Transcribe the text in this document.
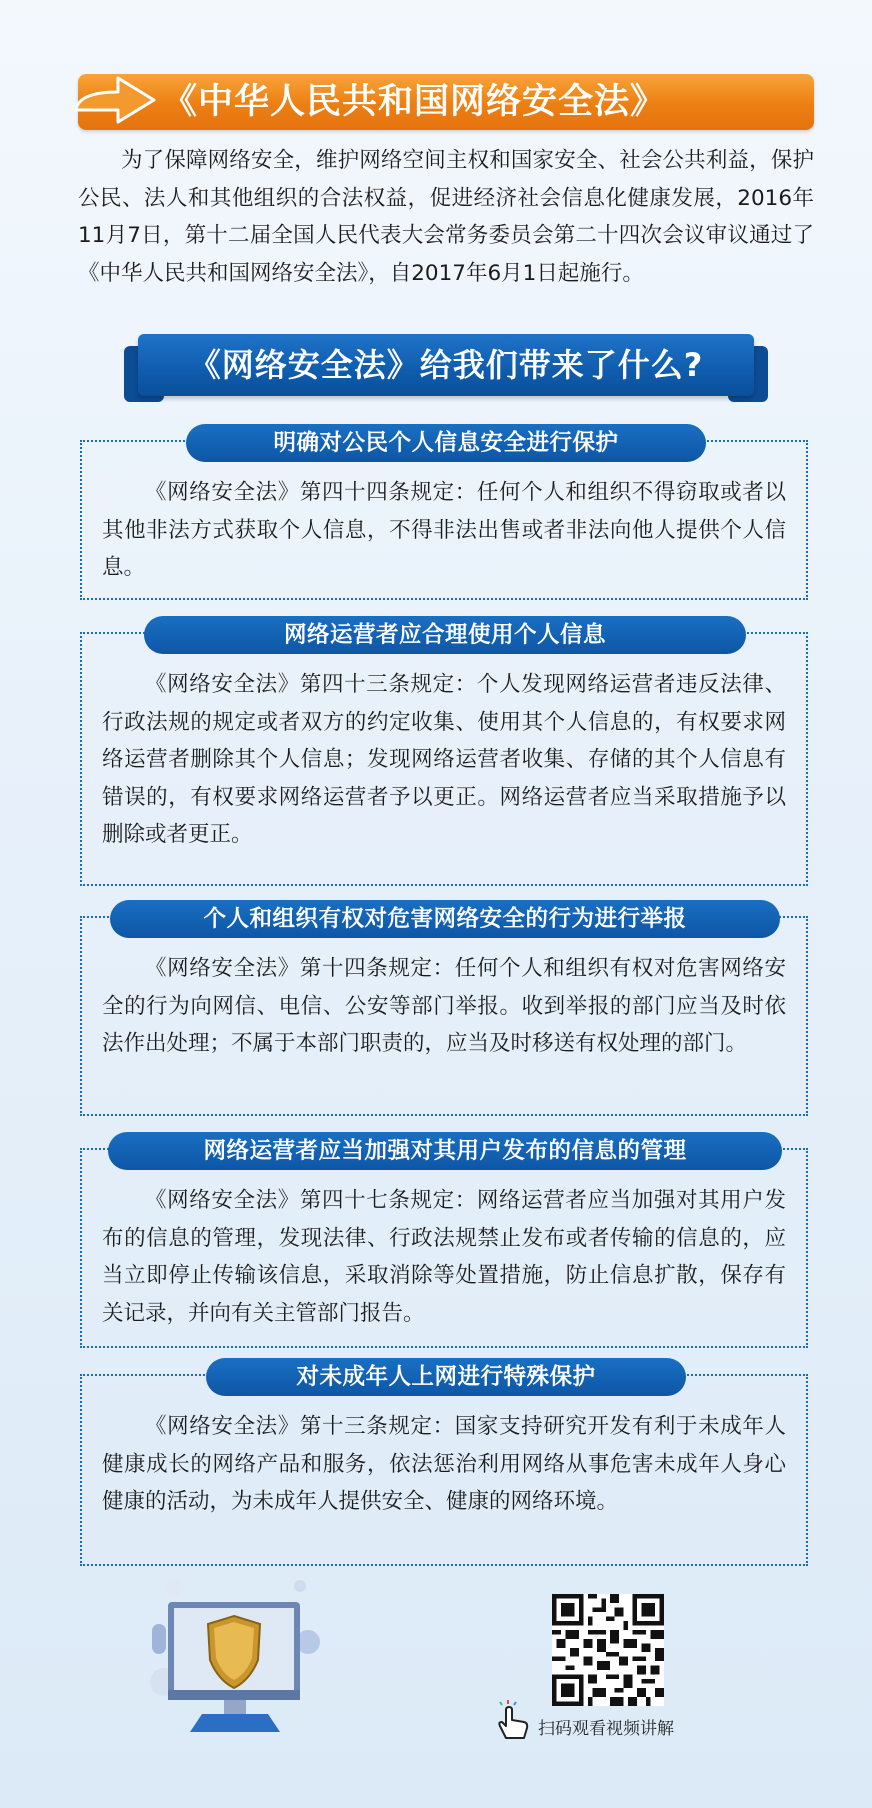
《中华人民共和国网络安全法》

为了保障网络安全，维护网络空间主权和国家安全、社会公共利益，保护公民、法人和其他组织的合法权益，促进经济社会信息化健康发展，2016年11月7日，第十二届全国人民代表大会常务委员会第二十四次会议审议通过了《中华人民共和国网络安全法》，自2017年6月1日起施行。

《网络安全法》给我们带来了什么?
明确对公民个人信息安全进行保护

《网络安全法》第四十四条规定：任何个人和组织不得窃取或者以其他非法方式获取个人信息，不得非法出售或者非法向他人提供个人信息。

网络运营者应合理使用个人信息

《网络安全法》第四十三条规定：个人发现网络运营者违反法律、行政法规的规定或者双方的约定收集、使用其个人信息的，有权要求网络运营者删除其个人信息；发现网络运营者收集、存储的其个人信息有错误的，有权要求网络运营者予以更正。网络运营者应当采取措施予以删除或者更正。

个人和组织有权对危害网络安全的行为进行举报

《网络安全法》第十四条规定：任何个人和组织有权对危害网络安全的行为向网信、电信、公安等部门举报。收到举报的部门应当及时依法作出处理；不属于本部门职责的，应当及时移送有权处理的部门。

网络运营者应当加强对其用户发布的信息的管理

《网络安全法》第四十七条规定：网络运营者应当加强对其用户发布的信息的管理，发现法律、行政法规禁止发布或者传输的信息的，应当立即停止传输该信息，采取消除等处置措施，防止信息扩散，保存有关记录，并向有关主管部门报告。

对未成年人上网进行特殊保护

《网络安全法》第十三条规定：国家支持研究开发有利于未成年人健康成长的网络产品和服务，依法惩治利用网络从事危害未成年人身心健康的活动，为未成年人提供安全、健康的网络环境。

扫码观看视频讲解
